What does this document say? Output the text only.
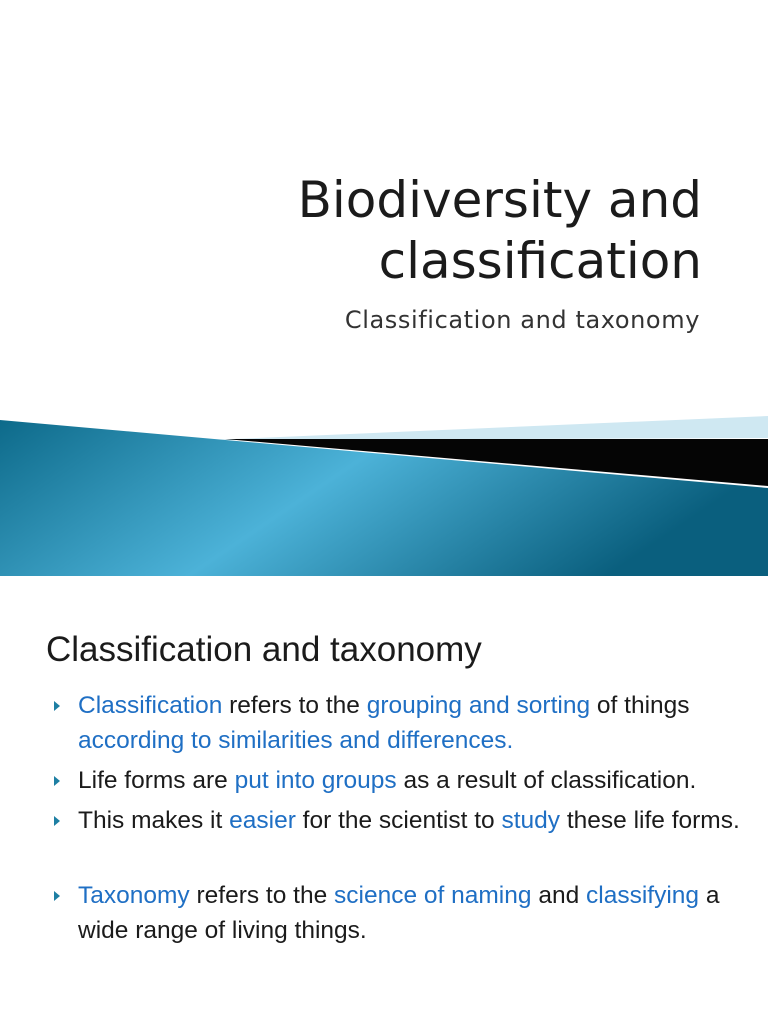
Biodiversity and
classification
Classification and taxonomy
Classification and taxonomy
Classification refers to the grouping and sorting of things according to similarities and differences.
Life forms are put into groups as a result of classification.
This makes it easier for the scientist to study these life forms.
Taxonomy refers to the science of naming and classifying a wide range of living things.
